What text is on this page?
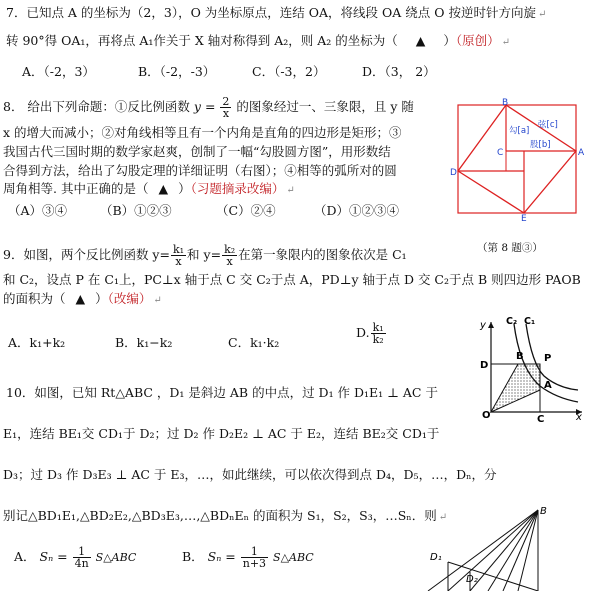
7．已知点 A 的坐标为（2，3），O 为坐标原点，连结 OA，将线段 OA 绕点 O 按逆时针方向旋 ↵
转 90°得 OA₁，再将点 A₁作关于 X 轴对称得到 A₂，则 A₂ 的坐标为（ ▲ ）（原创） ↵
A．（-2，3）	B．（-2，-3）	C．（-3，2）	D．（3， 2）
8． 给出下列命题：①反比例函数 $y = \frac{2}{x}$ 的图象经过一、三象限，且 y 随
x 的增大而减小；②对角线相等且有一个内角是直角的四边形是矩形；③
我国古代三国时期的数学家赵爽，创制了一幅“勾股圆方图”，用形数结
合得到方法，给出了勾股定理的详细证明（右图）；④相等的弧所对的圆
周角相等. 其中正确的是（ ▲ ）（习题摘录改编） ↵
（A）③④	（B）①②③	（C）②④	（D）①②③④
B
A
C
D
E
勾[a]
弦[c]
股[b]
（第 8 题③）
9．如图，两个反比例函数 $y= \frac{\text{k₁}}{x}$ 和 $y= \frac{\text{k₂}}{x}$ 在第一象限内的图象依次是 C₁
和 C₂，设点 P 在 C₁上，PC⊥x 轴于点 C 交 C₂于点 A，PD⊥y 轴于点 D 交 C₂于点 B 则四边形 PAOB
的面积为（ ▲ ）（改编） ↵
A．k₁+k₂	B．k₁−k₂	C．k₁·k₂
D. $\frac{\text{k₁}}{\text{k₂}}$	y
x
O	C
D
B P
A
C₂ C₁
10．如图，已知 Rt△ABC ，D₁ 是斜边 AB 的中点，过 D₁ 作 D₁E₁ ⊥ AC 于
E₁，连结 BE₁交 CD₁于 D₂；过 D₂ 作 D₂E₂ ⊥ AC 于 E₂，连结 BE₂交 CD₁于
D₃；过 D₃ 作 D₃E₃ ⊥ AC 于 E₃，…，如此继续，可以依次得到点 D₄，D₅，…，Dₙ，分
别记△BD₁E₁,△BD₂E₂,△BD₃E₃,…,△BDₙEₙ 的面积为 S₁，S₂，S₃，…Sₙ．则 ↵
A． $S_n = \frac{1}{4n}$ S△ABC	B． $S_n = \frac{1}{n+3}$ S△ABC
B
D₁
D₂
